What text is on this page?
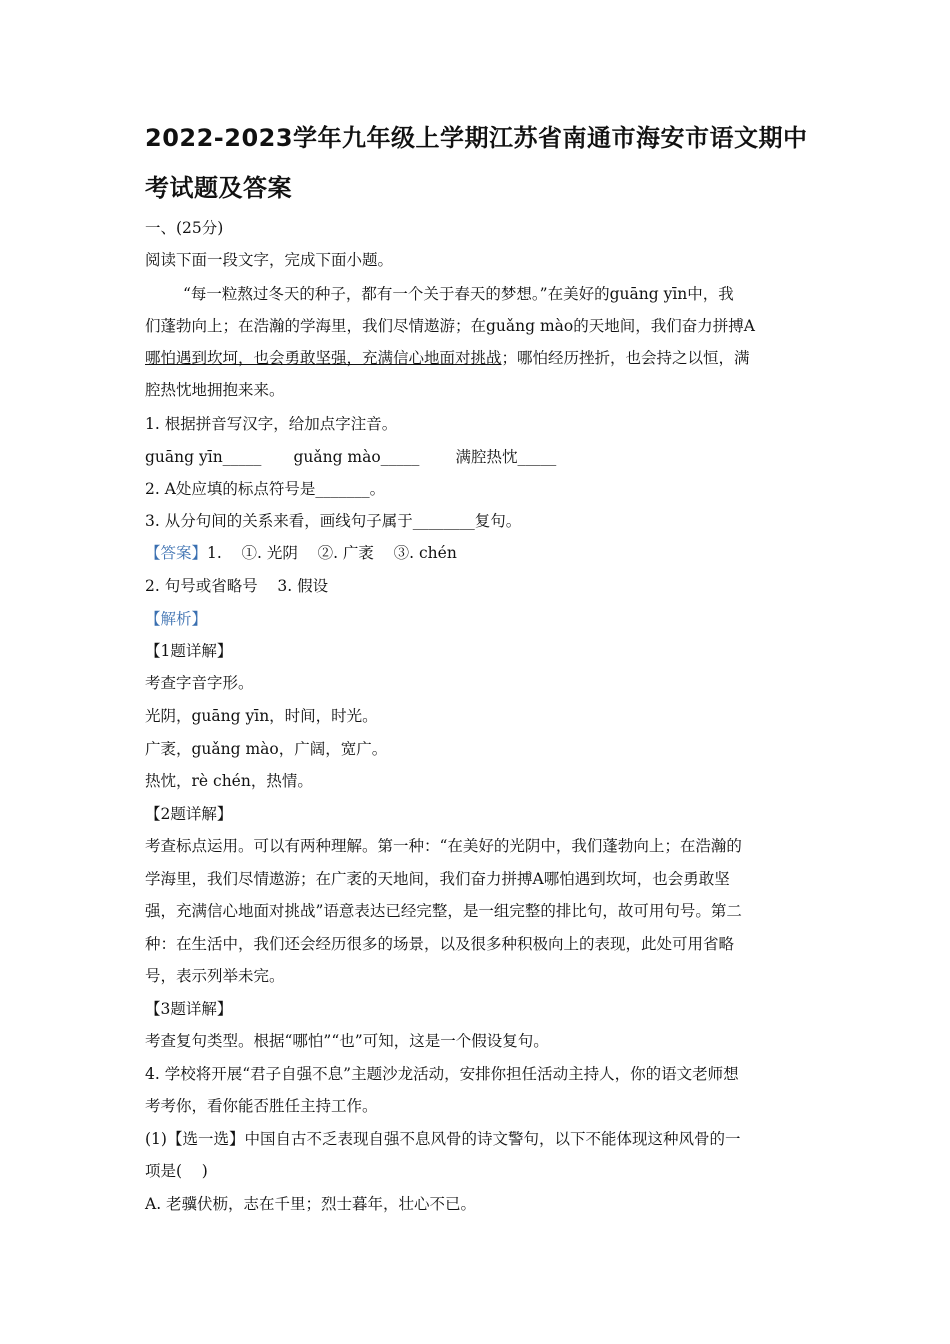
2022-2023学年九年级上学期江苏省南通市海安市语文期中
考试题及答案
一、(25分)
阅读下面一段文字，完成下面小题。
“每一粒熬过冬天的种子，都有一个关于春天的梦想。”在美好的guāng yīn中，我
们蓬勃向上；在浩瀚的学海里，我们尽情遨游；在guǎng mào的天地间，我们奋力拼搏A
哪怕遇到坎坷，也会勇敢坚强，充满信心地面对挑战；哪怕经历挫折，也会持之以恒，满
腔热忱地拥抱来来。
1. 根据拼音写汉字，给加点字注音。
guāng yīn_____ guǎng mào_____ 满腔热忱_____
2. A处应填的标点符号是_______。
3. 从分句间的关系来看，画线句子属于________复句。
【答案】1.    ①. 光阴    ②. 广袤    ③. chén
2. 句号或省略号    3. 假设
【解析】
【1题详解】
考查字音字形。
光阴，guāng yīn，时间，时光。
广袤，guǎng mào，广阔，宽广。
热忱，rè chén，热情。
【2题详解】
考查标点运用。可以有两种理解。第一种：“在美好的光阴中，我们蓬勃向上；在浩瀚的
学海里，我们尽情遨游；在广袤的天地间，我们奋力拼搏A哪怕遇到坎坷，也会勇敢坚
强，充满信心地面对挑战”语意表达已经完整，是一组完整的排比句，故可用句号。第二
种：在生活中，我们还会经历很多的场景，以及很多种积极向上的表现，此处可用省略
号，表示列举未完。
【3题详解】
考查复句类型。根据“哪怕”“也”可知，这是一个假设复句。
4. 学校将开展“君子自强不息”主题沙龙活动，安排你担任活动主持人，你的语文老师想
考考你，看你能否胜任主持工作。
(1)【选一选】中国自古不乏表现自强不息风骨的诗文警句，以下不能体现这种风骨的一
项是(    )
A. 老骥伏枥，志在千里；烈士暮年，壮心不已。
